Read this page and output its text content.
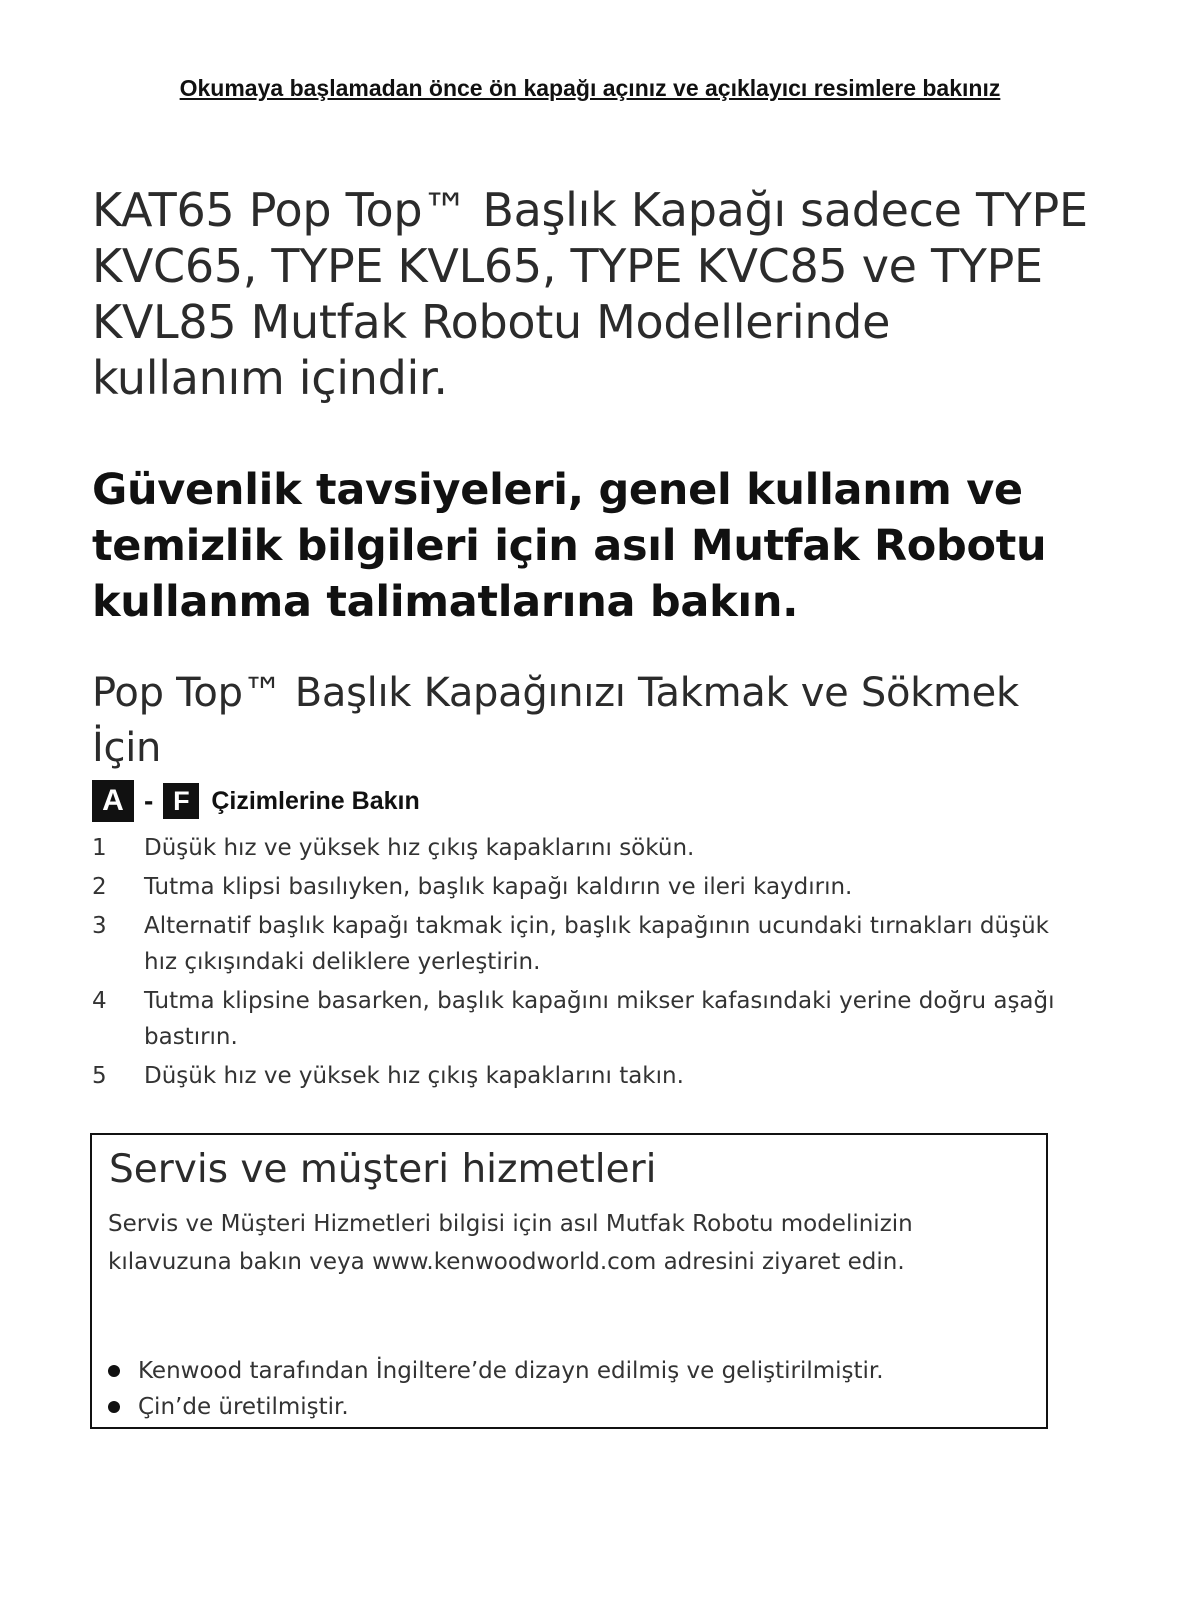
Okumaya başlamadan önce ön kapağı açınız ve açıklayıcı resimlere bakınız
KAT65 Pop Top™ Başlık Kapağı sadece TYPE KVC65, TYPE KVL65, TYPE KVC85 ve TYPE KVL85 Mutfak Robotu Modellerinde kullanım içindir.
Güvenlik tavsiyeleri, genel kullanım ve temizlik bilgileri için asıl Mutfak Robotu kullanma talimatlarına bakın.
Pop Top™ Başlık Kapağınızı Takmak ve Sökmek İçin
A - F Çizimlerine Bakın
1	Düşük hız ve yüksek hız çıkış kapaklarını sökün.
2	Tutma klipsi basılıyken, başlık kapağı kaldırın ve ileri kaydırın.
3	Alternatif başlık kapağı takmak için, başlık kapağının ucundaki tırnakları düşük hız çıkışındaki deliklere yerleştirin.
4	Tutma klipsine basarken, başlık kapağını mikser kafasındaki yerine doğru aşağı bastırın.
5	Düşük hız ve yüksek hız çıkış kapaklarını takın.
Servis ve müşteri hizmetleri

Servis ve Müşteri Hizmetleri bilgisi için asıl Mutfak Robotu modelinizin kılavuzuna bakın veya www.kenwoodworld.com adresini ziyaret edin.

Kenwood tarafından İngiltere’de dizayn edilmiş ve geliştirilmiştir.
Çin’de üretilmiştir.
